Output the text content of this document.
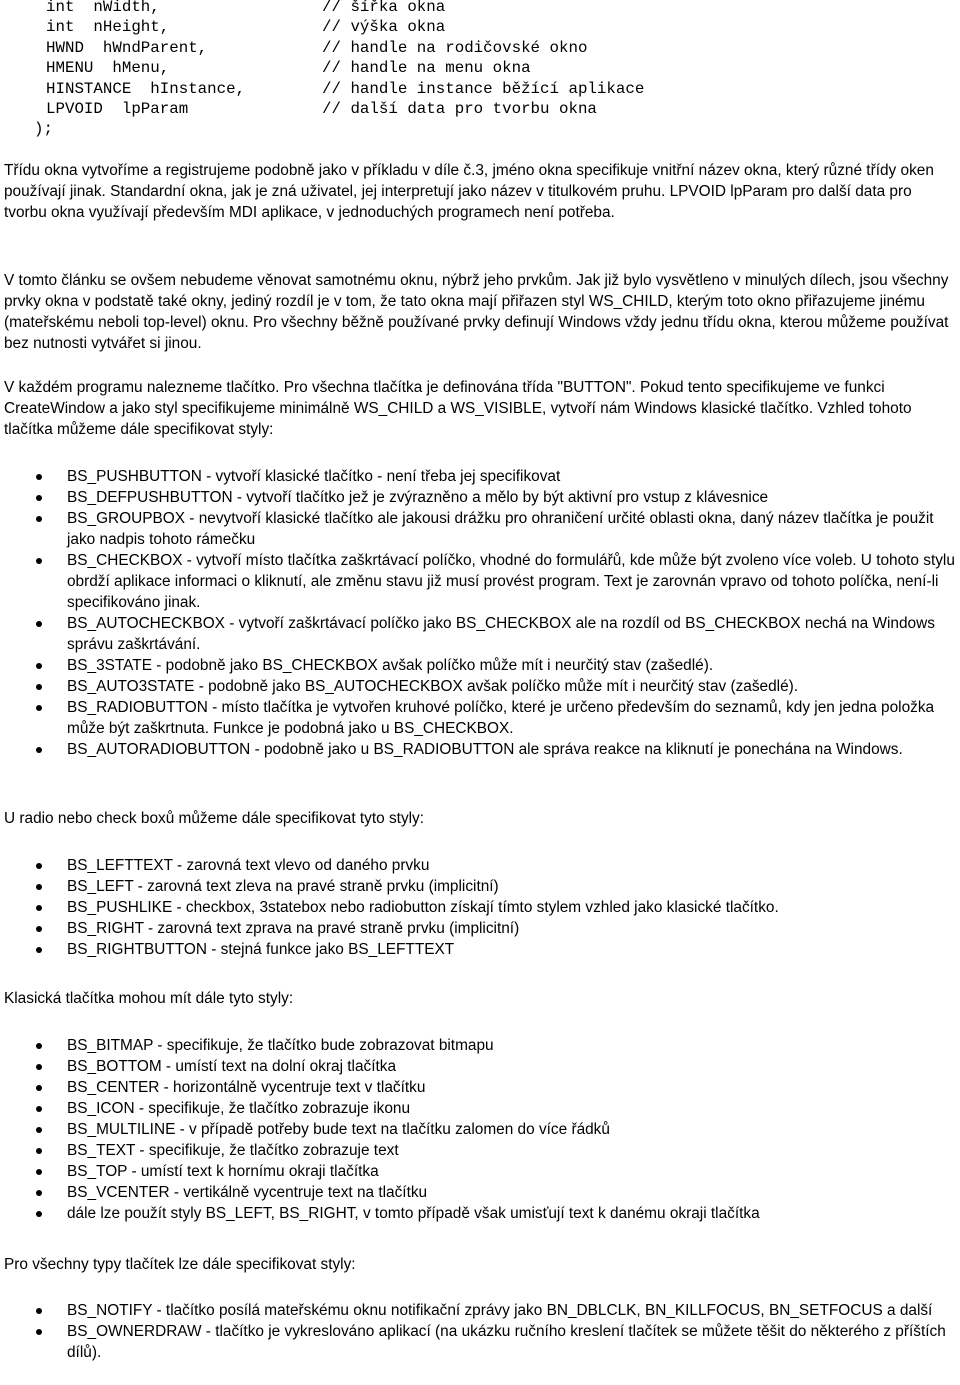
int  nWidth,	// šířka okna
int  nHeight,	// výška okna
HWND  hWndParent,	// handle na rodičovské okno
HMENU  hMenu,	// handle na menu okna
HINSTANCE  hInstance,	// handle instance běžící aplikace
LPVOID  lpParam	// další data pro tvorbu okna
);

Třídu okna vytvoříme a registrujeme podobně jako v příkladu v díle č.3, jméno okna specifikuje vnitřní název okna, který různé třídy oken používají jinak. Standardní okna, jak je zná uživatel, jej interpretují jako název v titulkovém pruhu. LPVOID lpParam pro další data pro tvorbu okna využívají především MDI aplikace, v jednoduchých programech není potřeba.

V tomto článku se ovšem nebudeme věnovat samotnému oknu, nýbrž jeho prvkům. Jak již bylo vysvětleno v minulých dílech, jsou všechny prvky okna v podstatě také okny, jediný rozdíl je v tom, že tato okna mají přiřazen styl WS_CHILD, kterým toto okno přiřazujeme jinému (mateřskému neboli top-level) oknu. Pro všechny běžně používané prvky definují Windows vždy jednu třídu okna, kterou můžeme používat bez nutnosti vytvářet si jinou.

V každém programu nalezneme tlačítko. Pro všechna tlačítka je definována třída "BUTTON". Pokud tento specifikujeme ve funkci CreateWindow a jako styl specifikujeme minimálně WS_CHILD a WS_VISIBLE, vytvoří nám Windows klasické tlačítko. Vzhled tohoto tlačítka můžeme dále specifikovat styly:

BS_PUSHBUTTON - vytvoří klasické tlačítko - není třeba jej specifikovat
BS_DEFPUSHBUTTON - vytvoří tlačítko jež je zvýrazněno a mělo by být aktivní pro vstup z klávesnice
BS_GROUPBOX - nevytvoří klasické tlačítko ale jakousi drážku pro ohraničení určité oblasti okna, daný název tlačítka je použit jako nadpis tohoto rámečku
BS_CHECKBOX - vytvoří místo tlačítka zaškrtávací políčko, vhodné do formulářů, kde může být zvoleno více voleb. U tohoto stylu obrdží aplikace informaci o kliknutí, ale změnu stavu již musí provést program. Text je zarovnán vpravo od tohoto políčka, není-li specifikováno jinak.
BS_AUTOCHECKBOX - vytvoří zaškrtávací políčko jako BS_CHECKBOX ale na rozdíl od BS_CHECKBOX nechá na Windows správu zaškrtávání.
BS_3STATE - podobně jako BS_CHECKBOX avšak políčko může mít i neurčitý stav (zašedlé).
BS_AUTO3STATE - podobně jako BS_AUTOCHECKBOX avšak políčko může mít i neurčitý stav (zašedlé).
BS_RADIOBUTTON - místo tlačítka je vytvořen kruhové políčko, které je určeno především do seznamů, kdy jen jedna položka může být zaškrtnuta. Funkce je podobná jako u BS_CHECKBOX.
BS_AUTORADIOBUTTON - podobně jako u BS_RADIOBUTTON ale správa reakce na kliknutí je ponechána na Windows.

U radio nebo check boxů můžeme dále specifikovat tyto styly:

BS_LEFTTEXT - zarovná text vlevo od daného prvku
BS_LEFT - zarovná text zleva na pravé straně prvku (implicitní)
BS_PUSHLIKE - checkbox, 3statebox nebo radiobutton získají tímto stylem vzhled jako klasické tlačítko.
BS_RIGHT - zarovná text zprava na pravé straně prvku (implicitní)
BS_RIGHTBUTTON - stejná funkce jako BS_LEFTTEXT

Klasická tlačítka mohou mít dále tyto styly:

BS_BITMAP - specifikuje, že tlačítko bude zobrazovat bitmapu
BS_BOTTOM - umístí text na dolní okraj tlačítka
BS_CENTER - horizontálně vycentruje text v tlačítku
BS_ICON - specifikuje, že tlačítko zobrazuje ikonu
BS_MULTILINE - v případě potřeby bude text na tlačítku zalomen do více řádků
BS_TEXT - specifikuje, že tlačítko zobrazuje text
BS_TOP - umístí text k hornímu okraji tlačítka
BS_VCENTER - vertikálně vycentruje text na tlačítku
dále lze použít styly BS_LEFT, BS_RIGHT, v tomto případě však umisťují text k danému okraji tlačítka

Pro všechny typy tlačítek lze dále specifikovat styly:

BS_NOTIFY - tlačítko posílá mateřskému oknu notifikační zprávy jako BN_DBLCLK, BN_KILLFOCUS, BN_SETFOCUS a další
BS_OWNERDRAW - tlačítko je vykreslováno aplikací (na ukázku ručního kreslení tlačítek se můžete těšit do některého z příštích dílů).
